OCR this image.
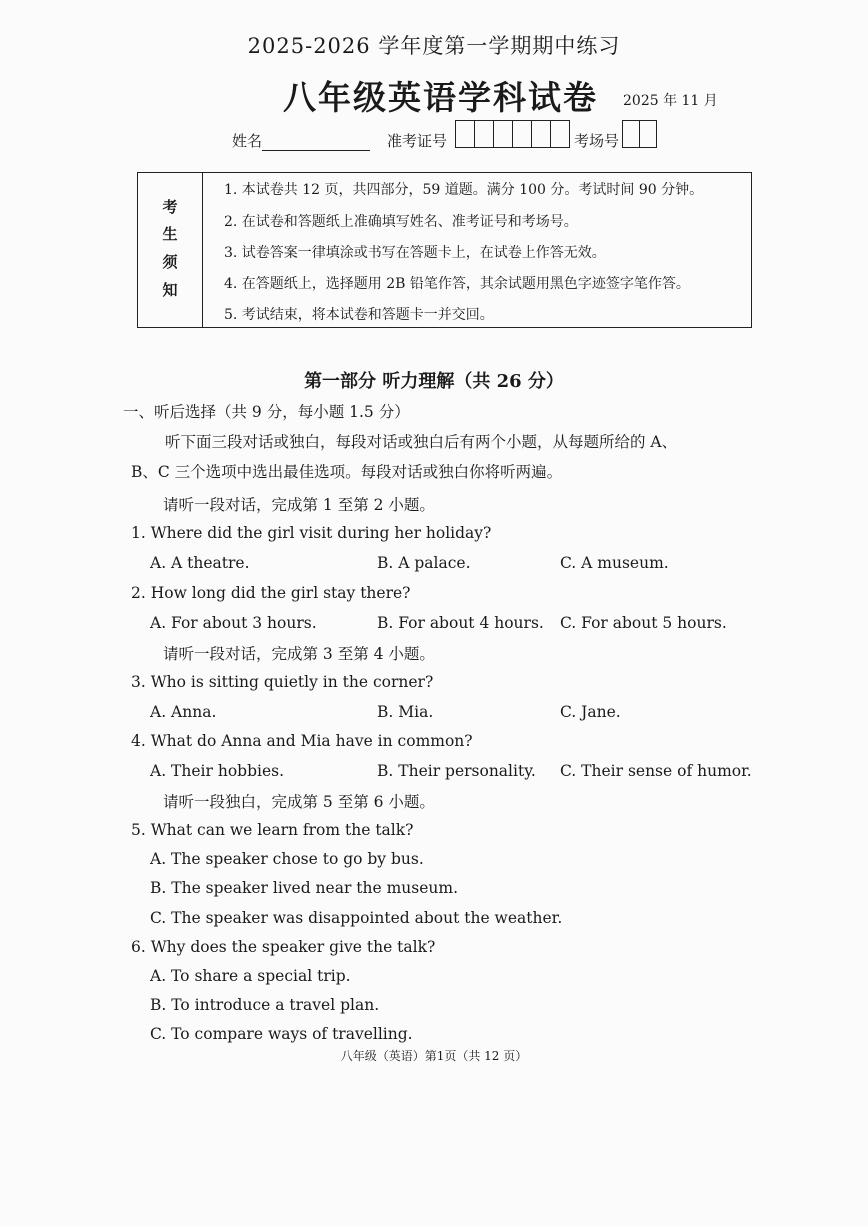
2025-2026 学年度第一学期期中练习
八年级英语学科试卷 2025 年 11 月
姓名	准考证号	考场号
考
生
须
知
1. 本试卷共 12 页，共四部分，59 道题。满分 100 分。考试时间 90 分钟。
2. 在试卷和答题纸上准确填写姓名、准考证号和考场号。
3. 试卷答案一律填涂或书写在答题卡上，在试卷上作答无效。
4. 在答题纸上，选择题用 2B 铅笔作答，其余试题用黑色字迹签字笔作答。
5. 考试结束，将本试卷和答题卡一并交回。
第一部分 听力理解（共 26 分）
一、听后选择（共 9 分，每小题 1.5 分）
听下面三段对话或独白，每段对话或独白后有两个小题，从每题所给的 A、
B、C 三个选项中选出最佳选项。每段对话或独白你将听两遍。
请听一段对话，完成第 1 至第 2 小题。
1. Where did the girl visit during her holiday?
A. A theatre.	B. A palace.	C. A museum.
2. How long did the girl stay there?
A. For about 3 hours.	B. For about 4 hours. C. For about 5 hours.
请听一段对话，完成第 3 至第 4 小题。
3. Who is sitting quietly in the corner?
A. Anna.	B. Mia.	C. Jane.
4. What do Anna and Mia have in common?
A. Their hobbies.	B. Their personality. C. Their sense of humor.
请听一段独白，完成第 5 至第 6 小题。
5. What can we learn from the talk?
A. The speaker chose to go by bus.
B. The speaker lived near the museum.
C. The speaker was disappointed about the weather.
6. Why does the speaker give the talk?
A. To share a special trip.
B. To introduce a travel plan.
C. To compare ways of travelling.
八年级（英语）第1页（共 12 页）
